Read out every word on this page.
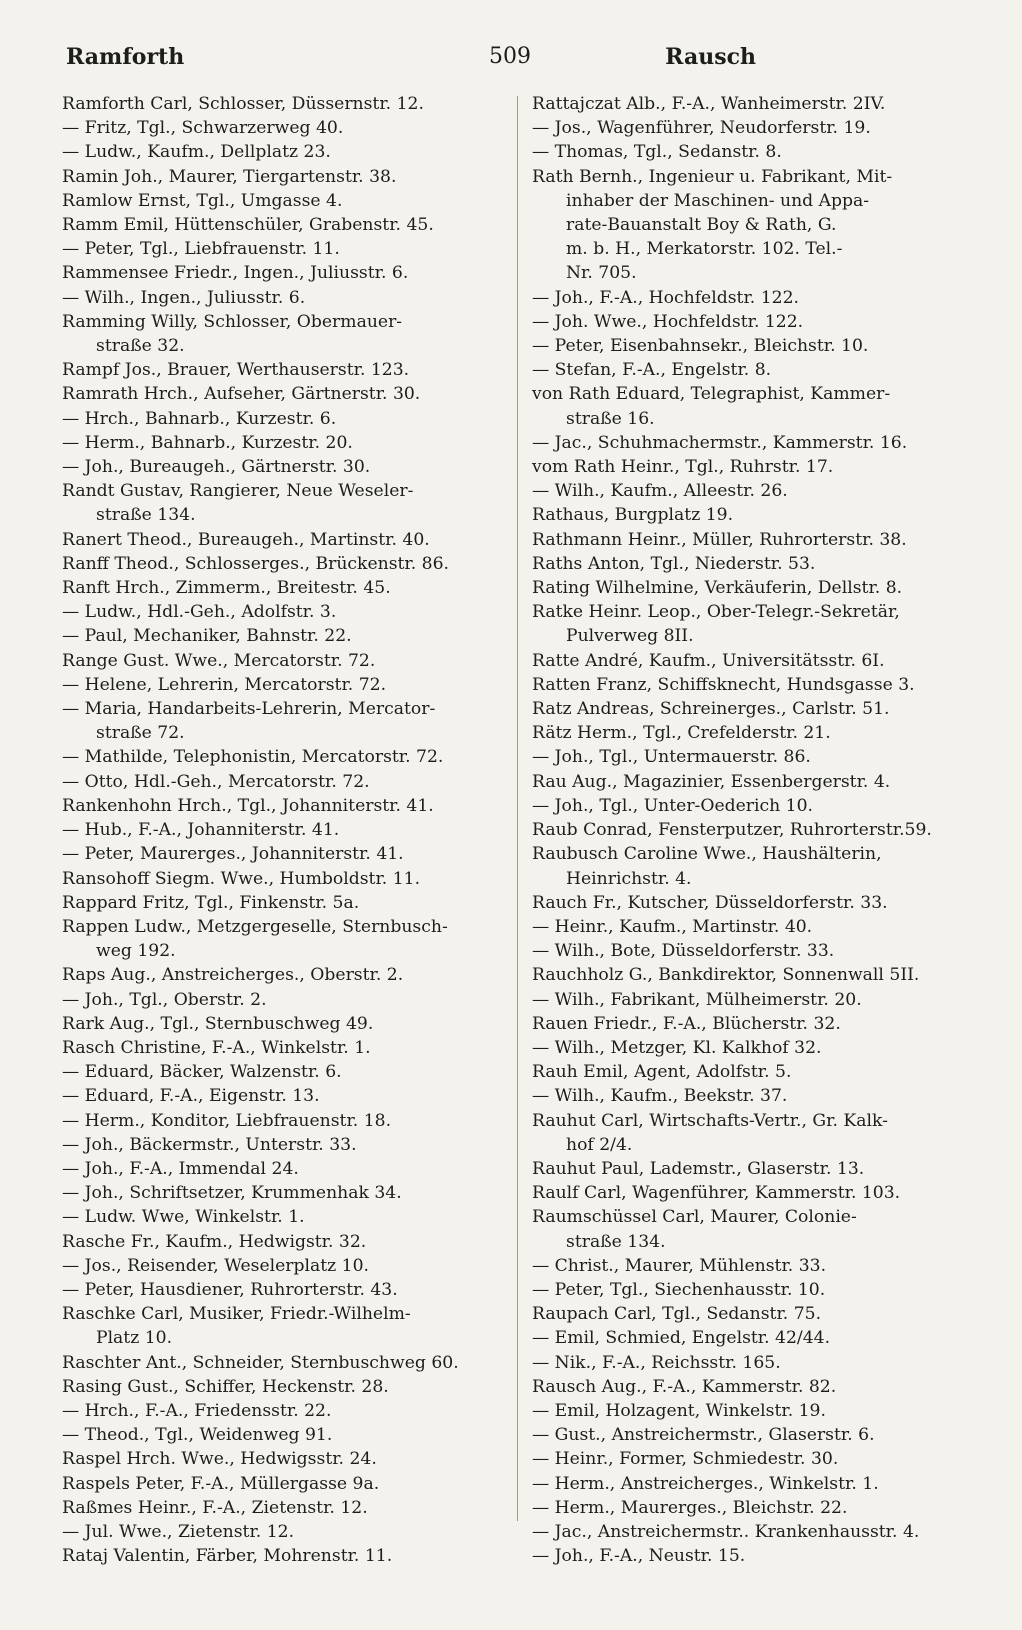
Ramforth	509	Rausch
Ramforth Carl, Schlosser, Düssernstr. 12.
— Fritz, Tgl., Schwarzerweg 40.
— Ludw., Kaufm., Dellplatz 23.
Ramin Joh., Maurer, Tiergartenstr. 38.
Ramlow Ernst, Tgl., Umgasse 4.
Ramm Emil, Hüttenschüler, Grabenstr. 45.
— Peter, Tgl., Liebfrauenstr. 11.
Rammensee Friedr., Ingen., Juliusstr. 6.
— Wilh., Ingen., Juliusstr. 6.
Ramming Willy, Schlosser, Obermauer-
straße 32.
Rampf Jos., Brauer, Werthauserstr. 123.
Ramrath Hrch., Aufseher, Gärtnerstr. 30.
— Hrch., Bahnarb., Kurzestr. 6.
— Herm., Bahnarb., Kurzestr. 20.
— Joh., Bureaugeh., Gärtnerstr. 30.
Randt Gustav, Rangierer, Neue Weseler-
straße 134.
Ranert Theod., Bureaugeh., Martinstr. 40.
Ranff Theod., Schlosserges., Brückenstr. 86.
Ranft Hrch., Zimmerm., Breitestr. 45.
— Ludw., Hdl.-Geh., Adolfstr. 3.
— Paul, Mechaniker, Bahnstr. 22.
Range Gust. Wwe., Mercatorstr. 72.
— Helene, Lehrerin, Mercatorstr. 72.
— Maria, Handarbeits-Lehrerin, Mercator-
straße 72.
— Mathilde, Telephonistin, Mercatorstr. 72.
— Otto, Hdl.-Geh., Mercatorstr. 72.
Rankenhohn Hrch., Tgl., Johanniterstr. 41.
— Hub., F.-A., Johanniterstr. 41.
— Peter, Maurerges., Johanniterstr. 41.
Ransohoff Siegm. Wwe., Humboldstr. 11.
Rappard Fritz, Tgl., Finkenstr. 5a.
Rappen Ludw., Metzgergeselle, Sternbusch-
weg 192.
Raps Aug., Anstreicherges., Oberstr. 2.
— Joh., Tgl., Oberstr. 2.
Rark Aug., Tgl., Sternbuschweg 49.
Rasch Christine, F.-A., Winkelstr. 1.
— Eduard, Bäcker, Walzenstr. 6.
— Eduard, F.-A., Eigenstr. 13.
— Herm., Konditor, Liebfrauenstr. 18.
— Joh., Bäckermstr., Unterstr. 33.
— Joh., F.-A., Immendal 24.
— Joh., Schriftsetzer, Krummenhak 34.
— Ludw. Wwe, Winkelstr. 1.
Rasche Fr., Kaufm., Hedwigstr. 32.
— Jos., Reisender, Weselerplatz 10.
— Peter, Hausdiener, Ruhrorterstr. 43.
Raschke Carl, Musiker, Friedr.-Wilhelm-
Platz 10.
Raschter Ant., Schneider, Sternbuschweg 60.
Rasing Gust., Schiffer, Heckenstr. 28.
— Hrch., F.-A., Friedensstr. 22.
— Theod., Tgl., Weidenweg 91.
Raspel Hrch. Wwe., Hedwigsstr. 24.
Raspels Peter, F.-A., Müllergasse 9a.
Raßmes Heinr., F.-A., Zietenstr. 12.
— Jul. Wwe., Zietenstr. 12.
Rataj Valentin, Färber, Mohrenstr. 11.
Rattajczat Alb., F.-A., Wanheimerstr. 2IV.
— Jos., Wagenführer, Neudorferstr. 19.
— Thomas, Tgl., Sedanstr. 8.
Rath Bernh., Ingenieur u. Fabrikant, Mit-
inhaber der Maschinen- und Appa-
rate-Bauanstalt Boy & Rath, G.
m. b. H., Merkatorstr. 102. Tel.-
Nr. 705.
— Joh., F.-A., Hochfeldstr. 122.
— Joh. Wwe., Hochfeldstr. 122.
— Peter, Eisenbahnsekr., Bleichstr. 10.
— Stefan, F.-A., Engelstr. 8.
von Rath Eduard, Telegraphist, Kammer-
straße 16.
— Jac., Schuhmachermstr., Kammerstr. 16.
vom Rath Heinr., Tgl., Ruhrstr. 17.
— Wilh., Kaufm., Alleestr. 26.
Rathaus, Burgplatz 19.
Rathmann Heinr., Müller, Ruhrorterstr. 38.
Raths Anton, Tgl., Niederstr. 53.
Rating Wilhelmine, Verkäuferin, Dellstr. 8.
Ratke Heinr. Leop., Ober-Telegr.-Sekretär,
Pulverweg 8II.
Ratte André, Kaufm., Universitätsstr. 6I.
Ratten Franz, Schiffsknecht, Hundsgasse 3.
Ratz Andreas, Schreinerges., Carlstr. 51.
Rätz Herm., Tgl., Crefelderstr. 21.
— Joh., Tgl., Untermauerstr. 86.
Rau Aug., Magazinier, Essenbergerstr. 4.
— Joh., Tgl., Unter-Oederich 10.
Raub Conrad, Fensterputzer, Ruhrorterstr.59.
Raubusch Caroline Wwe., Haushälterin,
Heinrichstr. 4.
Rauch Fr., Kutscher, Düsseldorferstr. 33.
— Heinr., Kaufm., Martinstr. 40.
— Wilh., Bote, Düsseldorferstr. 33.
Rauchholz G., Bankdirektor, Sonnenwall 5II.
— Wilh., Fabrikant, Mülheimerstr. 20.
Rauen Friedr., F.-A., Blücherstr. 32.
— Wilh., Metzger, Kl. Kalkhof 32.
Rauh Emil, Agent, Adolfstr. 5.
— Wilh., Kaufm., Beekstr. 37.
Rauhut Carl, Wirtschafts-Vertr., Gr. Kalk-
hof 2/4.
Rauhut Paul, Lademstr., Glaserstr. 13.
Raulf Carl, Wagenführer, Kammerstr. 103.
Raumschüssel Carl, Maurer, Colonie-
straße 134.
— Christ., Maurer, Mühlenstr. 33.
— Peter, Tgl., Siechenhausstr. 10.
Raupach Carl, Tgl., Sedanstr. 75.
— Emil, Schmied, Engelstr. 42/44.
— Nik., F.-A., Reichsstr. 165.
Rausch Aug., F.-A., Kammerstr. 82.
— Emil, Holzagent, Winkelstr. 19.
— Gust., Anstreichermstr., Glaserstr. 6.
— Heinr., Former, Schmiedestr. 30.
— Herm., Anstreicherges., Winkelstr. 1.
— Herm., Maurerges., Bleichstr. 22.
— Jac., Anstreichermstr.. Krankenhausstr. 4.
— Joh., F.-A., Neustr. 15.
